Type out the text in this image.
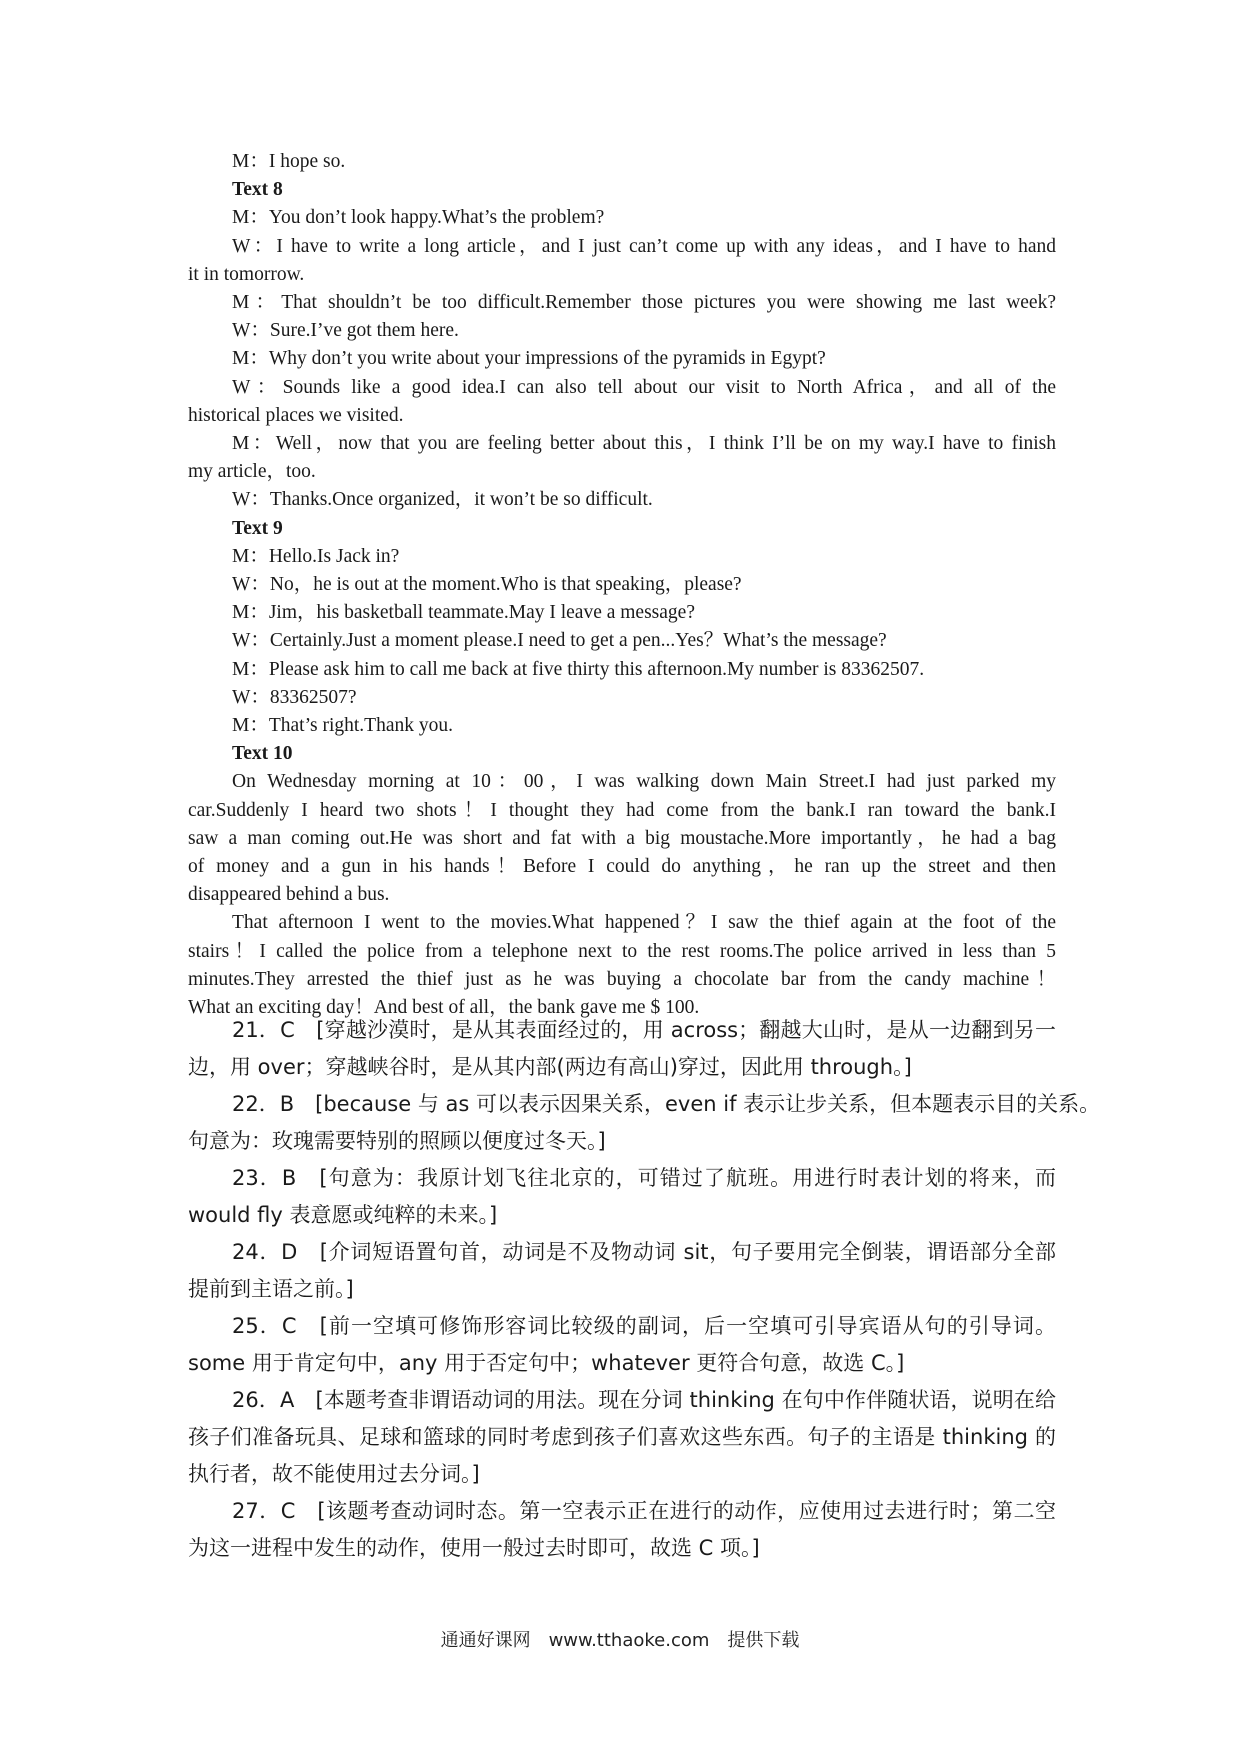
M：I hope so.
Text 8
M：You don’t look happy.What’s the problem?
W：I have to write a long article，and I just can’t come up with any ideas，and I have to hand
it in tomorrow.
M：That shouldn’t be too difficult.Remember those pictures you were showing me last week?
W：Sure.I’ve got them here.
M：Why don’t you write about your impressions of the pyramids in Egypt?
W：Sounds like a good idea.I can also tell about our visit to North Africa，and all of the
historical places we visited.
M：Well，now that you are feeling better about this，I think I’ll be on my way.I have to finish
my article，too.
W：Thanks.Once organized，it won’t be so difficult.
Text 9
M：Hello.Is Jack in?
W：No，he is out at the moment.Who is that speaking，please?
M：Jim，his basketball teammate.May I leave a message?
W：Certainly.Just a moment please.I need to get a pen...Yes？What’s the message?
M：Please ask him to call me back at five thirty this afternoon.My number is 83362507.
W：83362507?
M：That’s right.Thank you.
Text 10
On Wednesday morning at 10：00，I was walking down Main Street.I had just parked my
car.Suddenly I heard two shots！I thought they had come from the bank.I ran toward the bank.I
saw a man coming out.He was short and fat with a big moustache.More importantly，he had a bag
of money and a gun in his hands！Before I could do anything，he ran up the street and then
disappeared behind a bus.
That afternoon I went to the movies.What happened？I saw the thief again at the foot of the
stairs！I called the police from a telephone next to the rest rooms.The police arrived in less than 5
minutes.They arrested the thief just as he was buying a chocolate bar from the candy machine！
What an exciting day！And best of all，the bank gave me $ 100.
21．C　[穿越沙漠时，是从其表面经过的，用 across；翻越大山时，是从一边翻到另一
边，用 over；穿越峡谷时，是从其内部(两边有高山)穿过，因此用 through。]
22．B　[because 与 as 可以表示因果关系，even if 表示让步关系，但本题表示目的关系。
句意为：玫瑰需要特别的照顾以便度过冬天。]
23．B　[句意为：我原计划飞往北京的，可错过了航班。用进行时表计划的将来，而
would fly 表意愿或纯粹的未来。]
24．D　[介词短语置句首，动词是不及物动词 sit，句子要用完全倒装，谓语部分全部
提前到主语之前。]
25．C　[前一空填可修饰形容词比较级的副词，后一空填可引导宾语从句的引导词。
some 用于肯定句中，any 用于否定句中；whatever 更符合句意，故选 C。]
26．A　[本题考查非谓语动词的用法。现在分词 thinking 在句中作伴随状语，说明在给
孩子们准备玩具、足球和篮球的同时考虑到孩子们喜欢这些东西。句子的主语是 thinking 的
执行者，故不能使用过去分词。]
27．C　[该题考查动词时态。第一空表示正在进行的动作，应使用过去进行时；第二空
为这一进程中发生的动作，使用一般过去时即可，故选 C 项。]
通通好课网　www.tthaoke.com　提供下载
